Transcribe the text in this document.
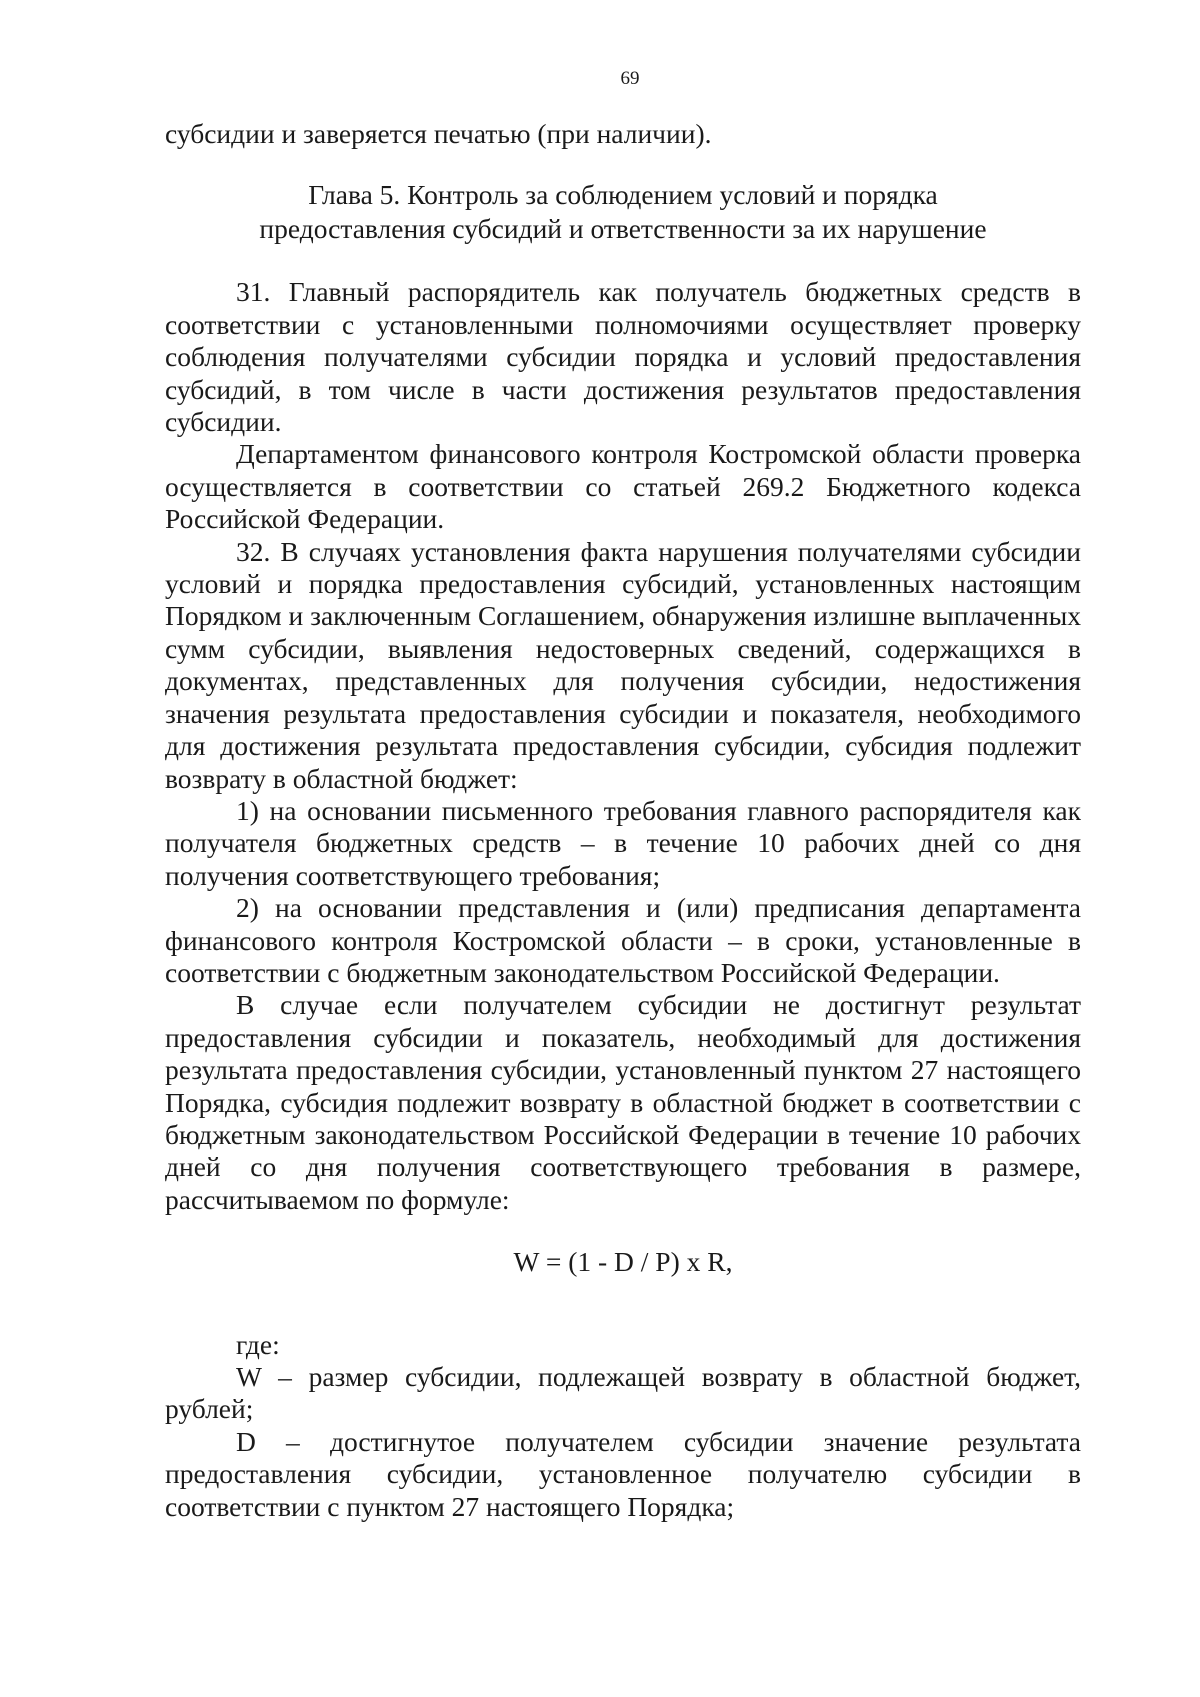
69

субсидии и заверяется печатью (при наличии).

Глава 5. Контроль за соблюдением условий и порядка
предоставления субсидий и ответственности за их нарушение

31. Главный распорядитель как получатель бюджетных средств в соответствии с установленными полномочиями осуществляет проверку соблюдения получателями субсидии порядка и условий предоставления субсидий, в том числе в части достижения результатов предоставления субсидии.

Департаментом финансового контроля Костромской области проверка осуществляется в соответствии со статьей 269.2 Бюджетного кодекса Российской Федерации.

32. В случаях установления факта нарушения получателями субсидии условий и порядка предоставления субсидий, установленных настоящим Порядком и заключенным Соглашением, обнаружения излишне выплаченных сумм субсидии, выявления недостоверных сведений, содержащихся в документах, представленных для получения субсидии, недостижения значения результата предоставления субсидии и показателя, необходимого для достижения результата предоставления субсидии, субсидия подлежит возврату в областной бюджет:

1) на основании письменного требования главного распорядителя как получателя бюджетных средств – в течение 10 рабочих дней со дня получения соответствующего требования;

2) на основании представления и (или) предписания департамента финансового контроля Костромской области – в сроки, установленные в соответствии с бюджетным законодательством Российской Федерации.

В случае если получателем субсидии не достигнут результат предоставления субсидии и показатель, необходимый для достижения результата предоставления субсидии, установленный пунктом 27 настоящего Порядка, субсидия подлежит возврату в областной бюджет в соответствии с бюджетным законодательством Российской Федерации в течение 10 рабочих дней со дня получения соответствующего требования в размере, рассчитываемом по формуле:

W = (1 - D / P) x R,

где:

W – размер субсидии, подлежащей возврату в областной бюджет, рублей;

D – достигнутое получателем субсидии значение результата предоставления субсидии, установленное получателю субсидии в соответствии с пунктом 27 настоящего Порядка;
